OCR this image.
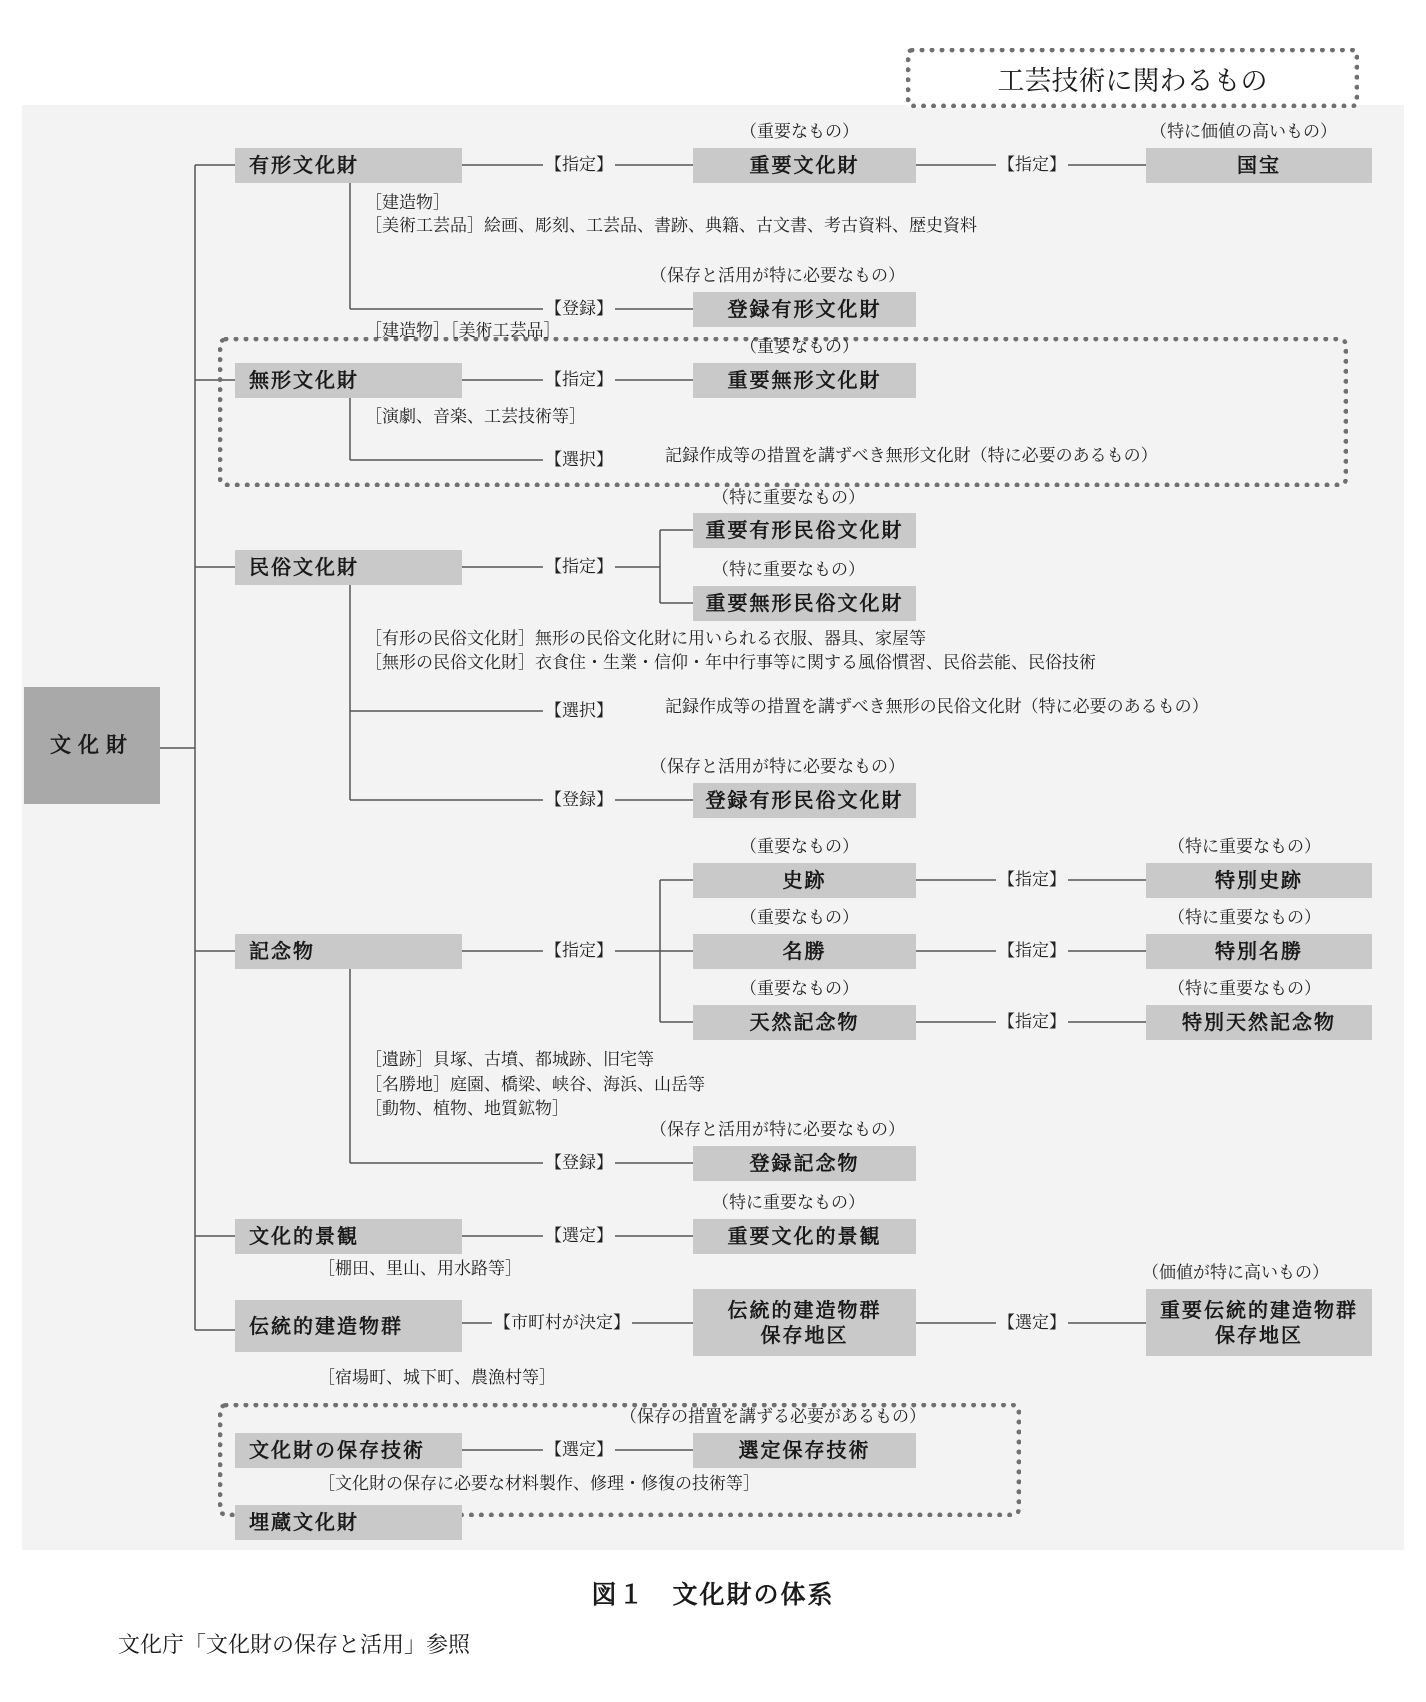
工芸技術に関わるもの
文化財
有形文化財
無形文化財
民俗文化財
記念物
文化的景観
伝統的建造物群
文化財の保存技術
埋蔵文化財
重要文化財	国宝
登録有形文化財
重要無形文化財
重要有形民俗文化財
重要無形民俗文化財
登録有形民俗文化財
史跡	特別史跡
名勝	特別名勝
天然記念物	特別天然記念物
登録記念物
重要文化的景観
伝統的建造物群
保存地区
重要伝統的建造物群
保存地区
選定保存技術
【指定】	【指定】
【登録】
【指定】
【選択】
【指定】
【選択】
【登録】
【指定】
【指定】	【指定】
【指定】
【登録】
【選定】
【市町村が決定】	【選定】
【選定】
（重要なもの）	（特に価値の高いもの）
（保存と活用が特に必要なもの）
（重要なもの）
（特に重要なもの）
（特に重要なもの）
（保存と活用が特に必要なもの）
（重要なもの）	（特に重要なもの）
（重要なもの）	（特に重要なもの）
（重要なもの）	（特に重要なもの）
（保存と活用が特に必要なもの）
（特に重要なもの）
（価値が特に高いもの）
（保存の措置を講ずる必要があるもの）
［建造物］
［美術工芸品］絵画、彫刻、工芸品、書跡、典籍、古文書、考古資料、歴史資料
［建造物］［美術工芸品］
［演劇、音楽、工芸技術等］
記録作成等の措置を講ずべき無形文化財（特に必要のあるもの）
［有形の民俗文化財］無形の民俗文化財に用いられる衣服、器具、家屋等
［無形の民俗文化財］衣食住・生業・信仰・年中行事等に関する風俗慣習、民俗芸能、民俗技術
記録作成等の措置を講ずべき無形の民俗文化財（特に必要のあるもの）
［遺跡］貝塚、古墳、都城跡、旧宅等
［名勝地］庭園、橋梁、峡谷、海浜、山岳等
［動物、植物、地質鉱物］
［棚田、里山、用水路等］
［宿場町、城下町、農漁村等］
［文化財の保存に必要な材料製作、修理・修復の技術等］
図１　文化財の体系
文化庁「文化財の保存と活用」参照
